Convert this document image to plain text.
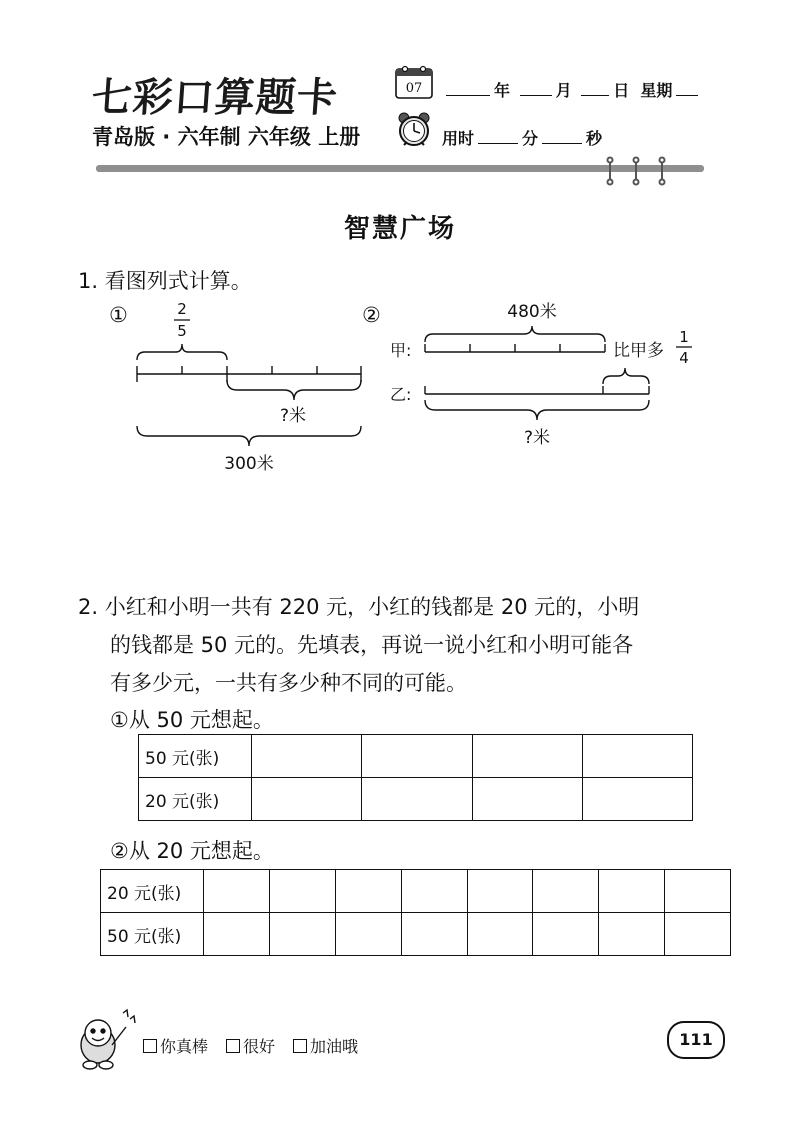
七彩口算题卡
青岛版 · 六年制 六年级 上册
07	年	月	日 星期
用时	分	秒
智慧广场
1. 看图列式计算。
①	2
5
?米
300米
②	480米
甲:
乙:
比甲多
1
4
?米
2. 小红和小明一共有 220 元，小红的钱都是 20 元的，小明
的钱都是 50 元的。先填表，再说一说小红和小明可能各
有多少元，一共有多少种不同的可能。
①从 50 元想起。
50 元(张)				
20 元(张)				
②从 20 元想起。
20 元(张)								
50 元(张)								
你真棒 很好 加油哦	111
